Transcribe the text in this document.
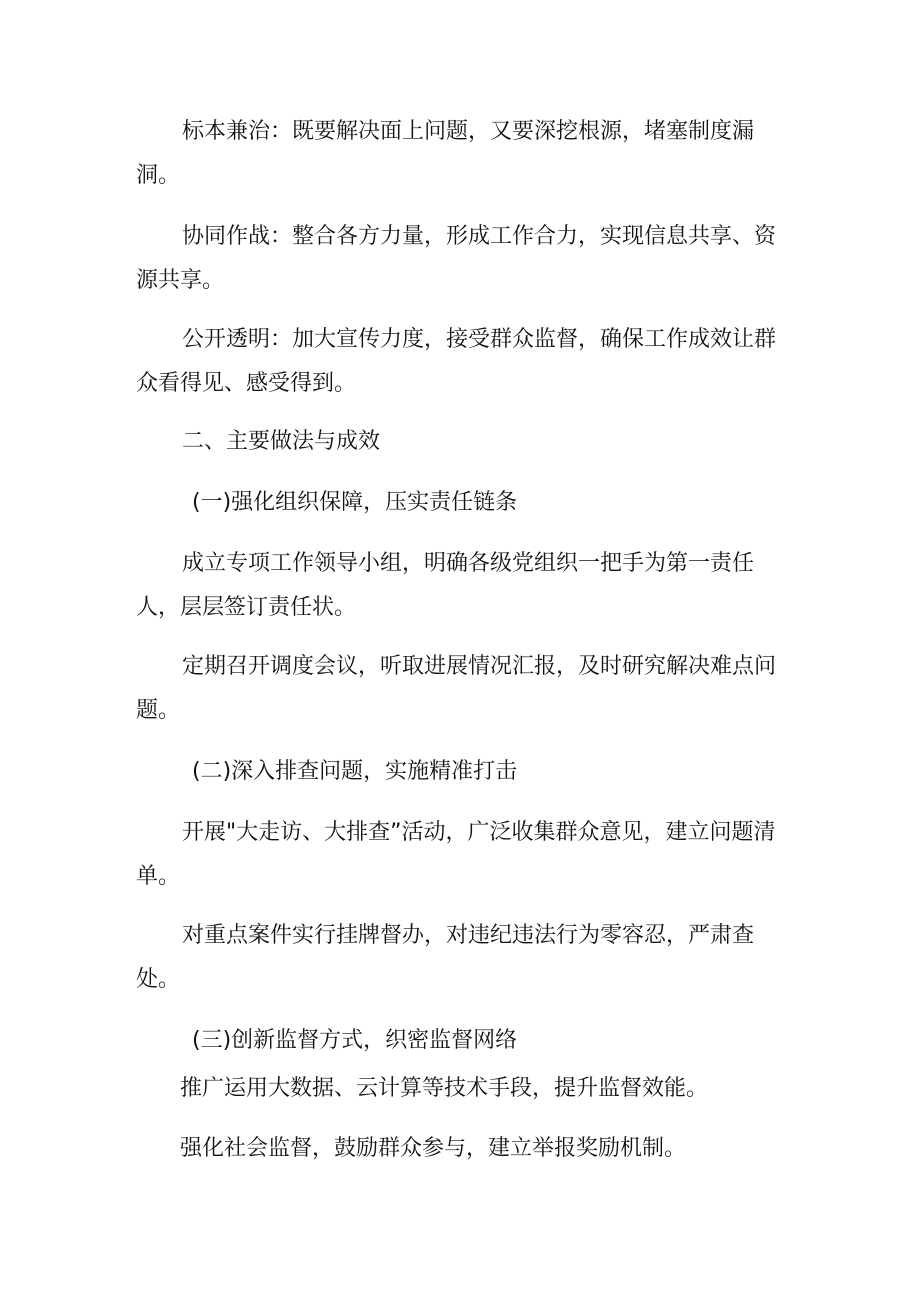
标本兼治：既要解决面上问题，又要深挖根源，堵塞制度漏洞。

协同作战：整合各方力量，形成工作合力，实现信息共享、资源共享。

公开透明：加大宣传力度，接受群众监督，确保工作成效让群众看得见、感受得到。

二、主要做法与成效

(一)强化组织保障，压实责任链条

成立专项工作领导小组，明确各级党组织一把手为第一责任人，层层签订责任状。

定期召开调度会议，听取进展情况汇报，及时研究解决难点问题。

(二)深入排查问题，实施精准打击

开展"大走访、大排查”活动，广泛收集群众意见，建立问题清单。

对重点案件实行挂牌督办，对违纪违法行为零容忍，严肃查处。

(三)创新监督方式，织密监督网络

推广运用大数据、云计算等技术手段，提升监督效能。

强化社会监督，鼓励群众参与，建立举报奖励机制。
